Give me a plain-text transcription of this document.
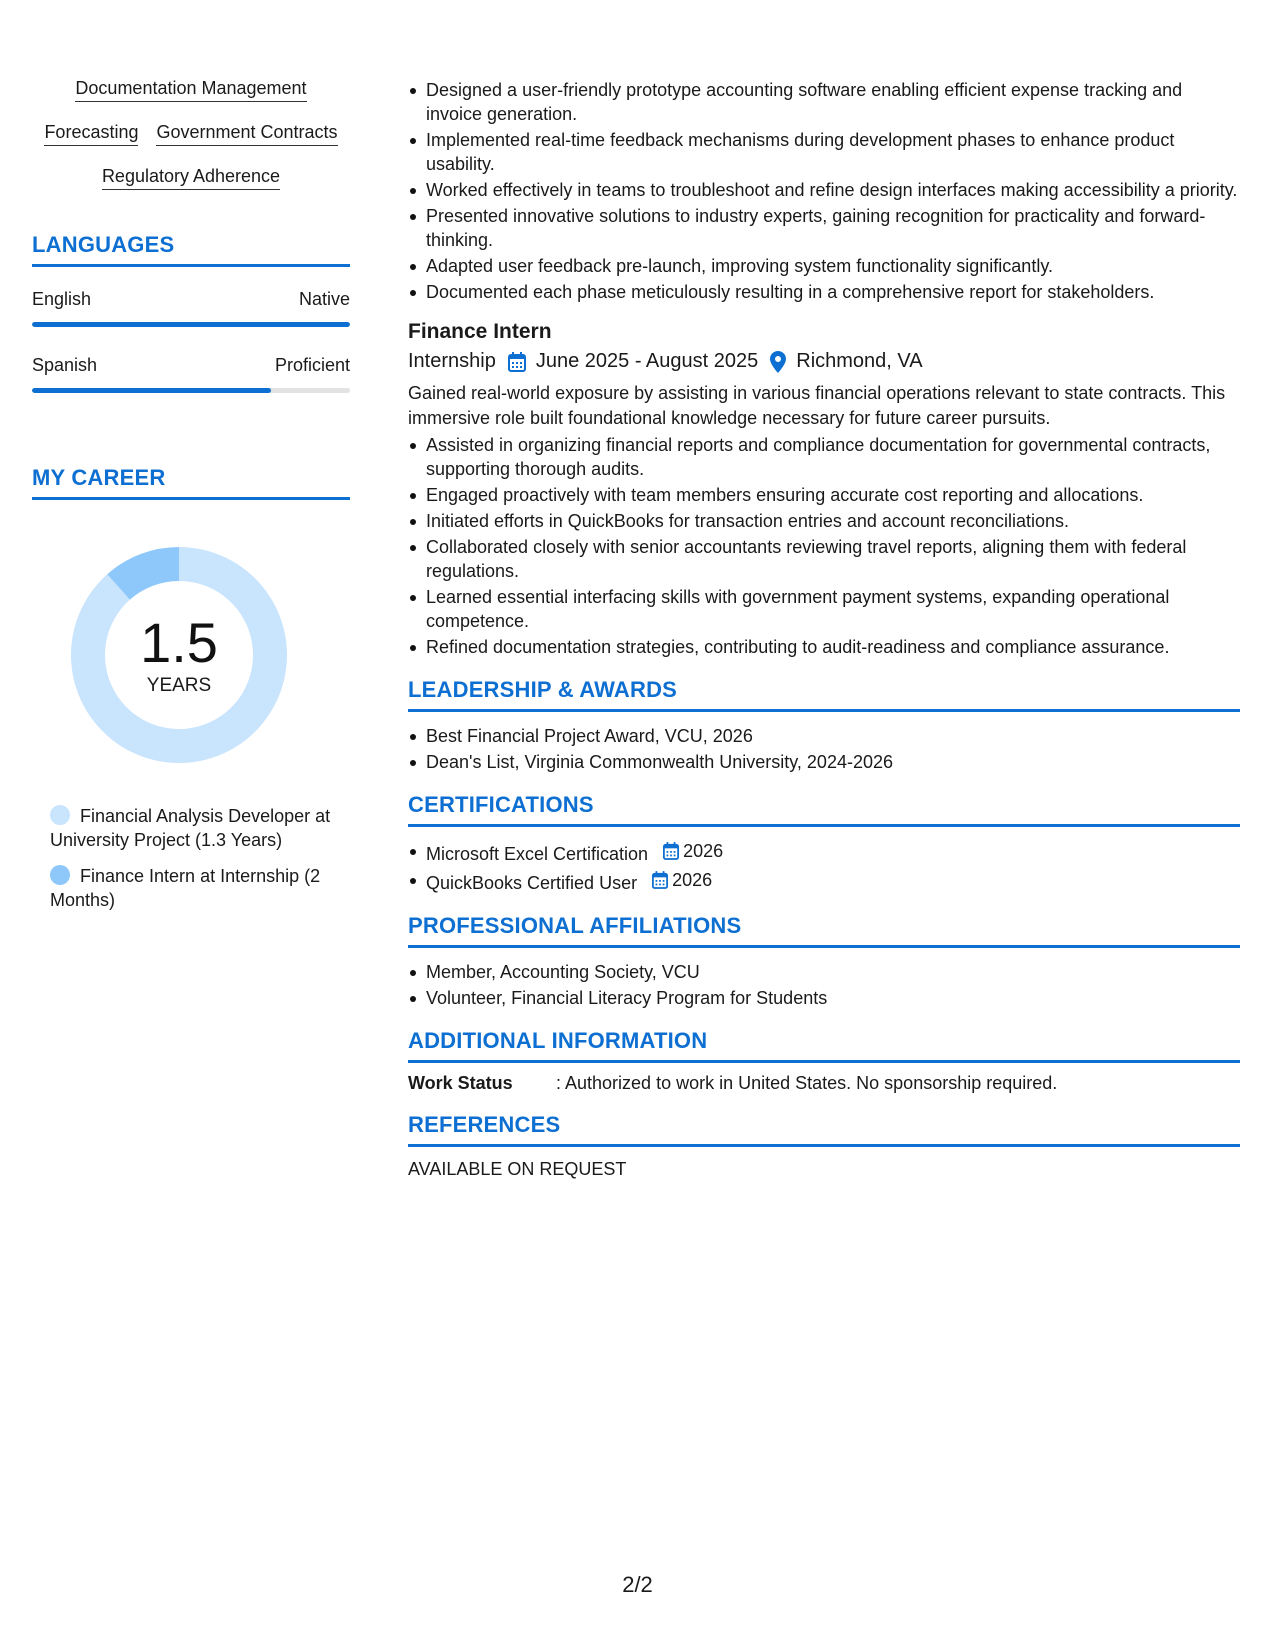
Documentation Management
Forecasting Government Contracts
Regulatory Adherence
LANGUAGES
English	Native
Spanish	Proficient
MY CAREER
1.5
YEARS
Financial Analysis Developer at University Project (1.3 Years)
Finance Intern at Internship (2 Months)
Designed a user-friendly prototype accounting software enabling efficient expense tracking and invoice generation.
Implemented real-time feedback mechanisms during development phases to enhance product usability.
Worked effectively in teams to troubleshoot and refine design interfaces making accessibility a priority.
Presented innovative solutions to industry experts, gaining recognition for practicality and forward-thinking.
Adapted user feedback pre-launch, improving system functionality significantly.
Documented each phase meticulously resulting in a comprehensive report for stakeholders.
Finance Intern
Internship June 2025 - August 2025 Richmond, VA
Gained real-world exposure by assisting in various financial operations relevant to state contracts. This immersive role built foundational knowledge necessary for future career pursuits.
Assisted in organizing financial reports and compliance documentation for governmental contracts, supporting thorough audits.
Engaged proactively with team members ensuring accurate cost reporting and allocations.
Initiated efforts in QuickBooks for transaction entries and account reconciliations.
Collaborated closely with senior accountants reviewing travel reports, aligning them with federal regulations.
Learned essential interfacing skills with government payment systems, expanding operational competence.
Refined documentation strategies, contributing to audit-readiness and compliance assurance.
LEADERSHIP & AWARDS
Best Financial Project Award, VCU, 2026
Dean's List, Virginia Commonwealth University, 2024-2026
CERTIFICATIONS
Microsoft Excel Certification 2026
QuickBooks Certified User 2026
PROFESSIONAL AFFILIATIONS
Member, Accounting Society, VCU
Volunteer, Financial Literacy Program for Students
ADDITIONAL INFORMATION
Work Status	: Authorized to work in United States. No sponsorship required.
REFERENCES
AVAILABLE ON REQUEST
2/2
